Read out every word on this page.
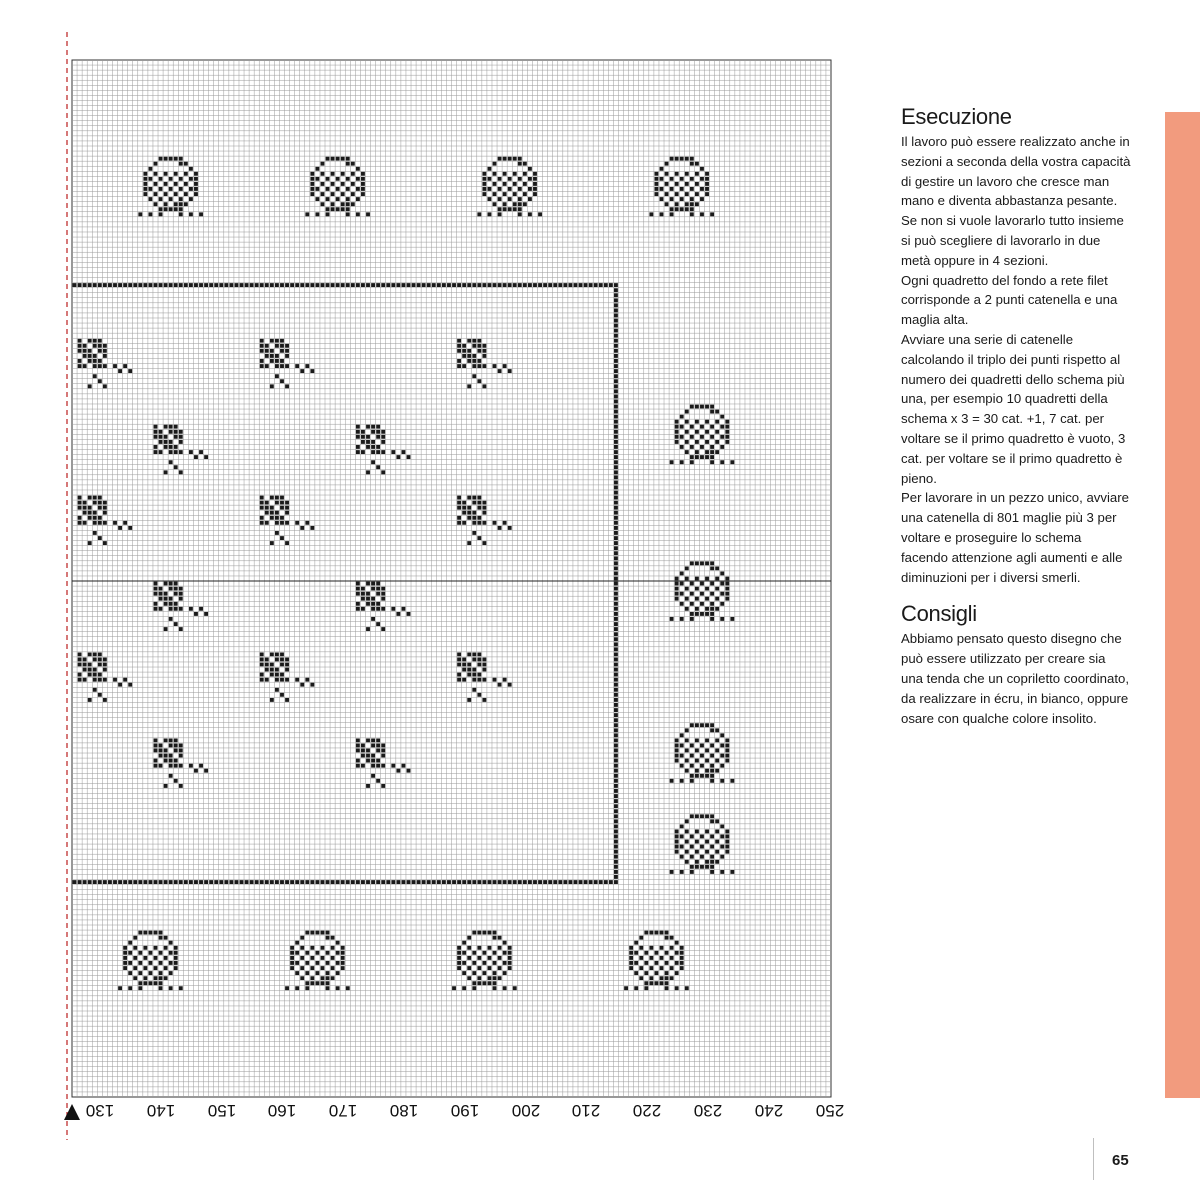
130	140	150	160	170	180	190	200	210	220	230	240	250
Esecuzione

Il lavoro può essere realizzato anche in sezioni a seconda della vostra capacità di gestire un lavoro che cresce man mano e diventa abbastanza pesante.
Se non si vuole lavorarlo tutto insieme si può scegliere di lavorarlo in due metà oppure in 4 sezioni.
Ogni quadretto del fondo a rete filet corrisponde a 2 punti catenella e una maglia alta.
Avviare una serie di catenelle calcolando il triplo dei punti rispetto al numero dei quadretti dello schema più una, per esempio 10 quadretti della schema x 3 = 30 cat. +1, 7 cat. per voltare se il primo quadretto è vuoto, 3 cat. per voltare se il primo quadretto è pieno.
Per lavorare in un pezzo unico, avviare una catenella di 801 maglie più 3 per voltare e proseguire lo schema facendo attenzione agli aumenti e alle diminuzioni per i diversi smerli.

Consigli

Abbiamo pensato questo disegno che può essere utilizzato per creare sia una tenda che un copriletto coordinato, da realizzare in écru, in bianco, oppure osare con qualche colore insolito.

65
